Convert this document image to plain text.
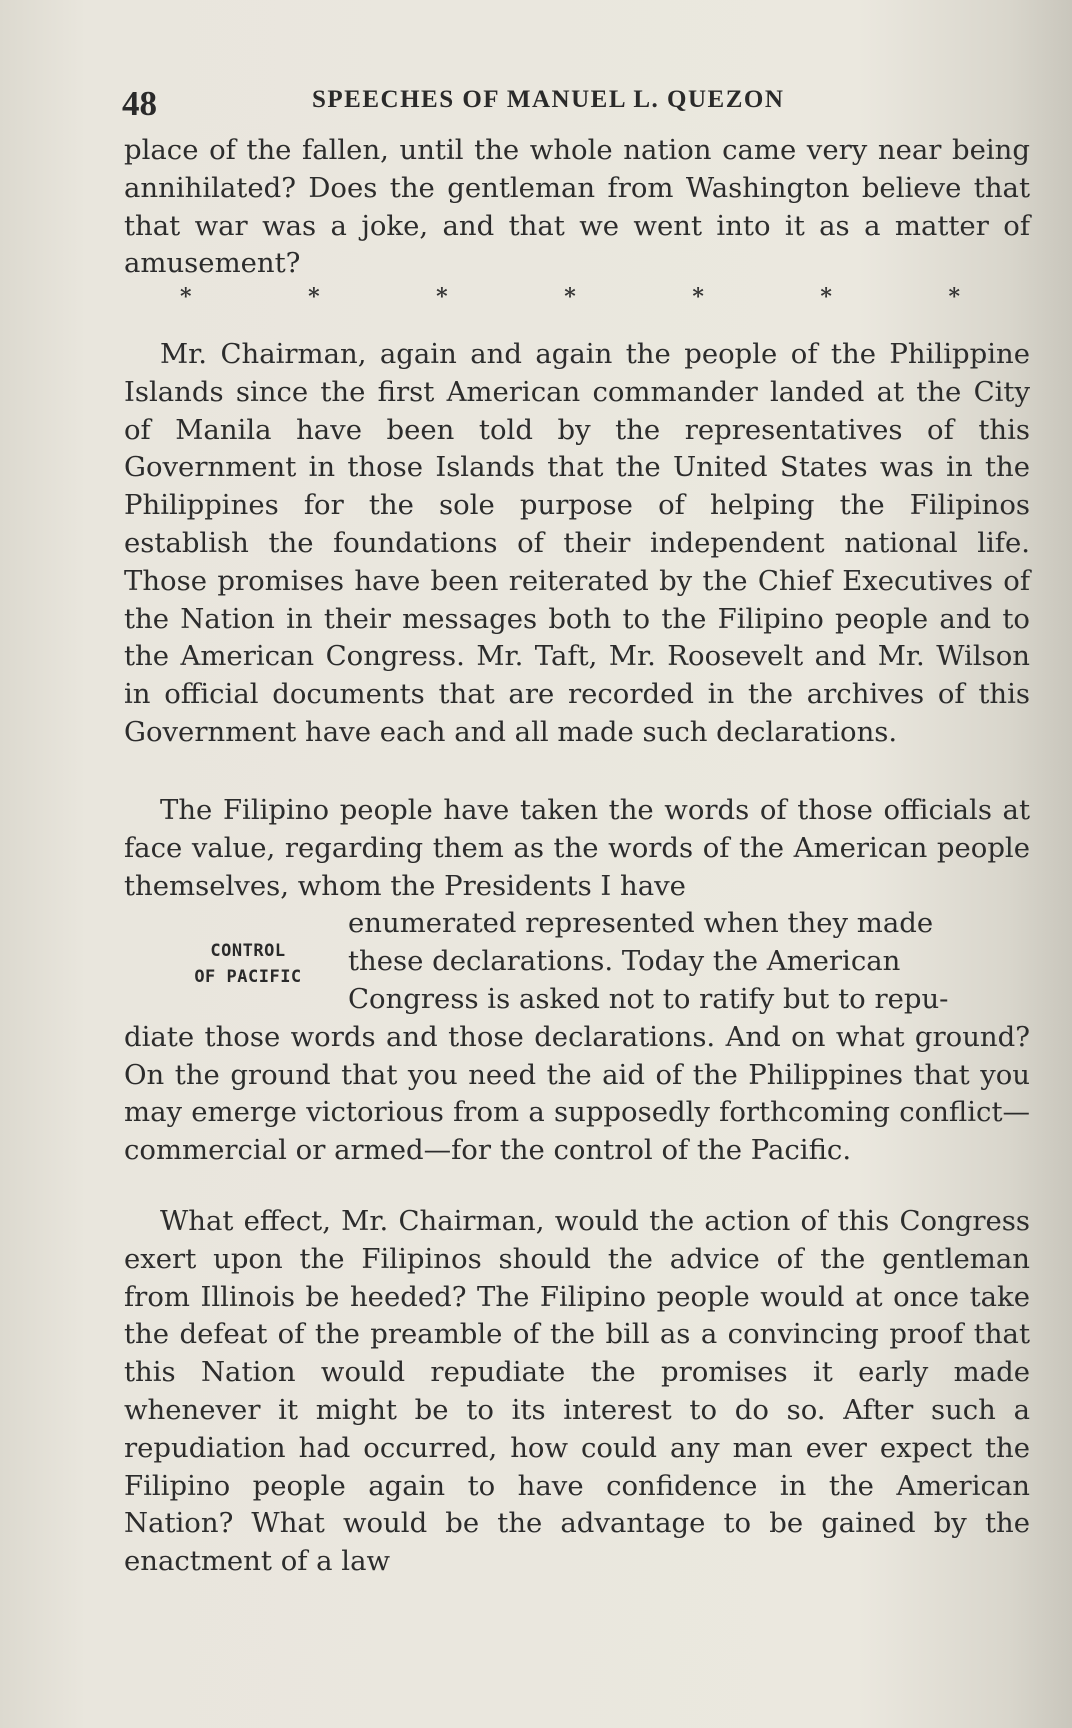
48	SPEECHES OF MANUEL L. QUEZON

place of the fallen, until the whole nation came very near being annihilated? Does the gentleman from Washington believe that that war was a joke, and that we went into it as a matter of amusement?

*	*	*	*	*	*	*

Mr. Chairman, again and again the people of the Philippine Islands since the first American commander landed at the City of Manila have been told by the representatives of this Government in those Islands that the United States was in the Philippines for the sole purpose of helping the Filipinos establish the foundations of their independent national life. Those promises have been reiterated by the Chief Executives of the Nation in their messages both to the Filipino people and to the American Congress. Mr. Taft, Mr. Roosevelt and Mr. Wilson in official documents that are recorded in the archives of this Government have each and all made such declarations.

The Filipino people have taken the words of those officials at face value, regarding them as the words of the American people themselves, whom the Presidents I have
enumerated represented when they made
these declarations. Today the American
Congress is asked not to ratify but to repu-
diate those words and those declarations. And on what ground? On the ground that you need the aid of the Philippines that you may emerge victorious from a supposedly forthcoming conflict—commercial or armed—for the control of the Pacific.

CONTROL
OF PACIFIC

What effect, Mr. Chairman, would the action of this Congress exert upon the Filipinos should the advice of the gentleman from Illinois be heeded? The Filipino people would at once take the defeat of the preamble of the bill as a convincing proof that this Nation would repudiate the promises it early made whenever it might be to its interest to do so. After such a repudiation had occurred, how could any man ever expect the Filipino people again to have confidence in the American Nation? What would be the advantage to be gained by the enactment of a law
